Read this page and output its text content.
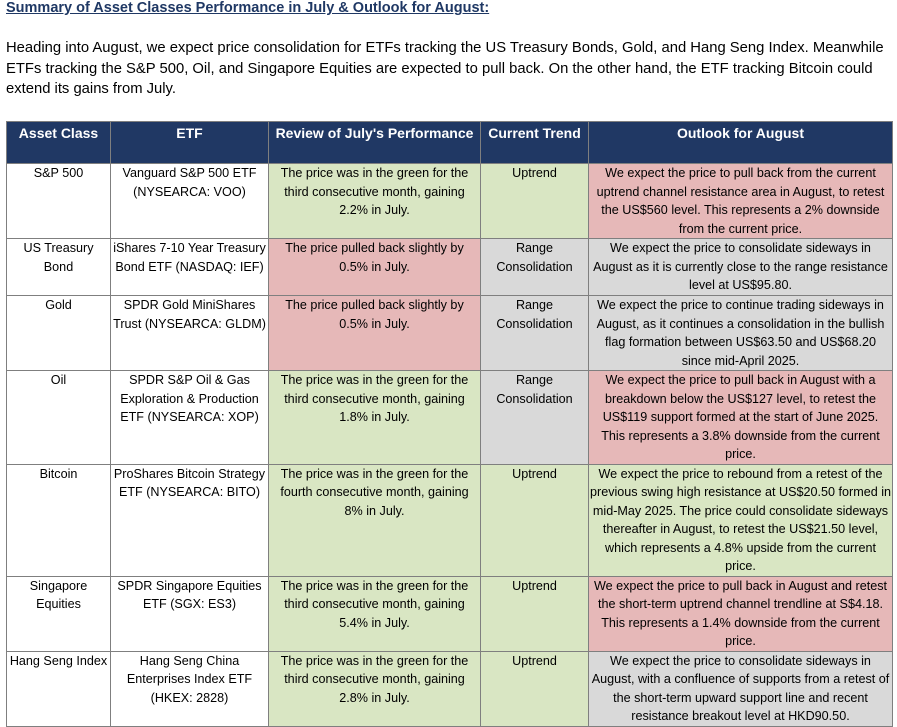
Summary of Asset Classes Performance in July & Outlook for August:
Heading into August, we expect price consolidation for ETFs tracking the US Treasury Bonds, Gold, and Hang Seng Index. Meanwhile ETFs tracking the S&P 500, Oil, and Singapore Equities are expected to pull back. On the other hand, the ETF tracking Bitcoin could extend its gains from July.
Asset Class	ETF	Review of July's Performance	Current Trend	Outlook for August
S&P 500	Vanguard S&P 500 ETF (NYSEARCA: VOO)	The price was in the green for the third consecutive month, gaining 2.2% in July.	Uptrend	We expect the price to pull back from the current uptrend channel resistance area in August, to retest the US$560 level. This represents a 2% downside from the current price.
US Treasury Bond	iShares 7-10 Year Treasury Bond ETF (NASDAQ: IEF)	The price pulled back slightly by 0.5% in July.	Range Consolidation	We expect the price to consolidate sideways in August as it is currently close to the range resistance level at US$95.80.
Gold	SPDR Gold MiniShares Trust (NYSEARCA: GLDM)	The price pulled back slightly by 0.5% in July.	Range Consolidation	We expect the price to continue trading sideways in August, as it continues a consolidation in the bullish flag formation between US$63.50 and US$68.20 since mid-April 2025.
Oil	SPDR S&P Oil & Gas Exploration & Production ETF (NYSEARCA: XOP)	The price was in the green for the third consecutive month, gaining 1.8% in July.	Range Consolidation	We expect the price to pull back in August with a breakdown below the US$127 level, to retest the US$119 support formed at the start of June 2025. This represents a 3.8% downside from the current price.
Bitcoin	ProShares Bitcoin Strategy ETF (NYSEARCA: BITO)	The price was in the green for the fourth consecutive month, gaining 8% in July.	Uptrend	We expect the price to rebound from a retest of the previous swing high resistance at US$20.50 formed in mid-May 2025. The price could consolidate sideways thereafter in August, to retest the US$21.50 level, which represents a 4.8% upside from the current price.
Singapore Equities	SPDR Singapore Equities ETF (SGX: ES3)	The price was in the green for the third consecutive month, gaining 5.4% in July.	Uptrend	We expect the price to pull back in August and retest the short-term uptrend channel trendline at S$4.18. This represents a 1.4% downside from the current price.
Hang Seng Index	Hang Seng China Enterprises Index ETF (HKEX: 2828)	The price was in the green for the third consecutive month, gaining 2.8% in July.	Uptrend	We expect the price to consolidate sideways in August, with a confluence of supports from a retest of the short-term upward support line and recent resistance breakout level at HKD90.50.
